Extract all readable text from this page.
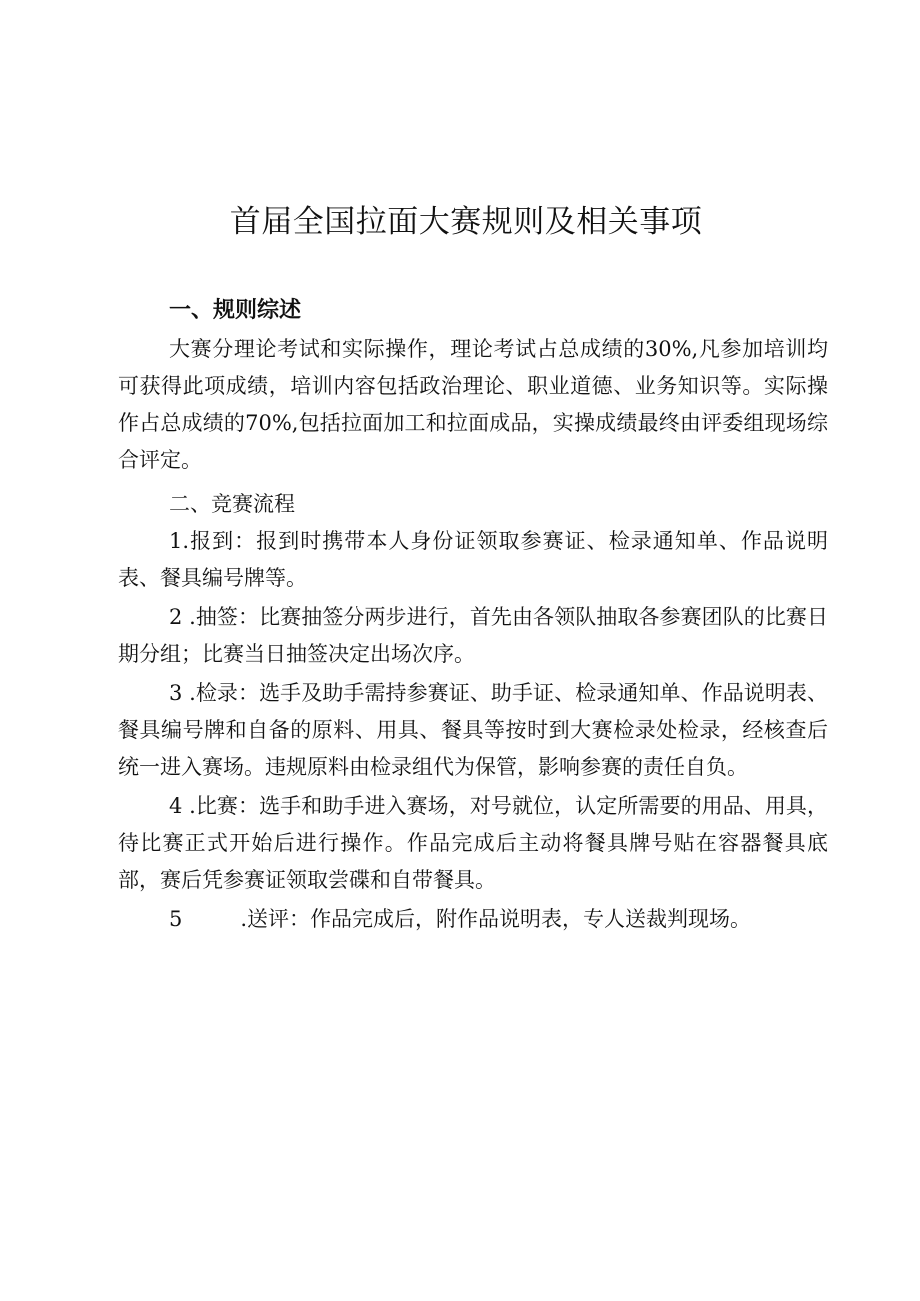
首届全国拉面大赛规则及相关事项
一、规则综述

大赛分理论考试和实际操作，理论考试占总成绩的30%,凡参加培训均可获得此项成绩，培训内容包括政治理论、职业道德、业务知识等。实际操作占总成绩的70%,包括拉面加工和拉面成品，实操成绩最终由评委组现场综合评定。

二、竞赛流程

1.报到：报到时携带本人身份证领取参赛证、检录通知单、作品说明表、餐具编号牌等。

2 .抽签：比赛抽签分两步进行，首先由各领队抽取各参赛团队的比赛日期分组；比赛当日抽签决定出场次序。

3 .检录：选手及助手需持参赛证、助手证、检录通知单、作品说明表、餐具编号牌和自备的原料、用具、餐具等按时到大赛检录处检录，经核查后统一进入赛场。违规原料由检录组代为保管，影响参赛的责任自负。

4 .比赛：选手和助手进入赛场，对号就位，认定所需要的用品、用具，待比赛正式开始后进行操作。作品完成后主动将餐具牌号贴在容器餐具底部，赛后凭参赛证领取尝碟和自带餐具。

5	.送评：作品完成后，附作品说明表，专人送裁判现场。
